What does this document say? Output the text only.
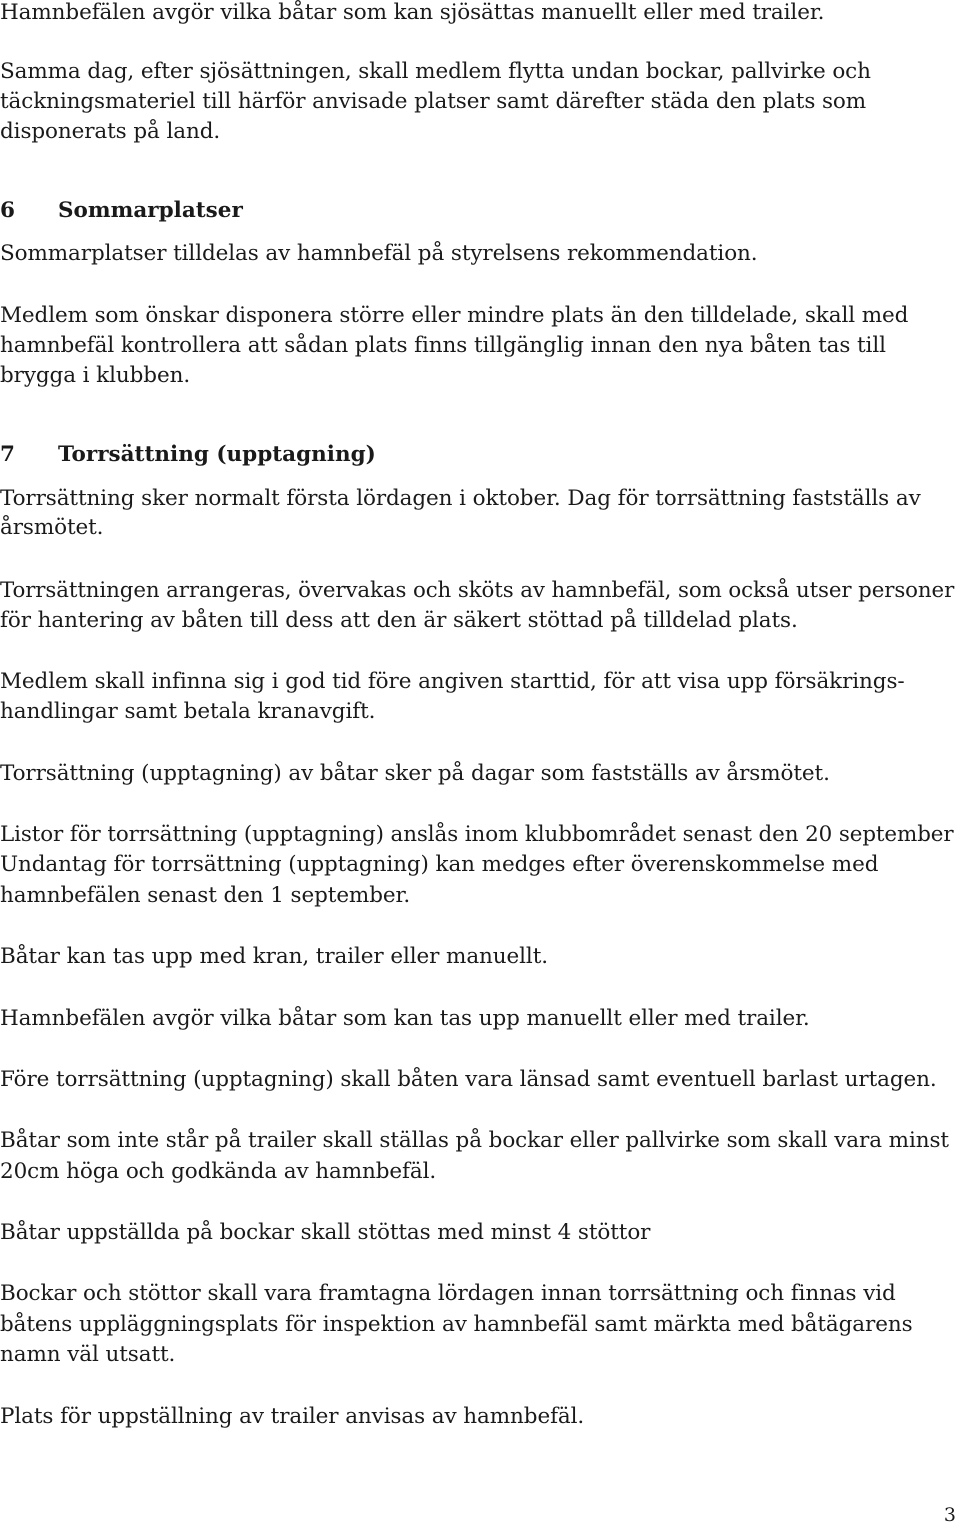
Hamnbefälen avgör vilka båtar som kan sjösättas manuellt eller med trailer.

Samma dag, efter sjösättningen, skall medlem flytta undan bockar, pallvirke och

täckningsmateriel till härför anvisade platser samt därefter städa den plats som

disponerats på land.

6 Sommarplatser

Sommarplatser tilldelas av hamnbefäl på styrelsens rekommendation.

Medlem som önskar disponera större eller mindre plats än den tilldelade, skall med

hamnbefäl kontrollera att sådan plats finns tillgänglig innan den nya båten tas till

brygga i klubben.

7 Torrsättning (upptagning)

Torrsättning sker normalt första lördagen i oktober. Dag för torrsättning fastställs av

årsmötet.

Torrsättningen arrangeras, övervakas och sköts av hamnbefäl, som också utser personer

för hantering av båten till dess att den är säkert stöttad på tilldelad plats.

Medlem skall infinna sig i god tid före angiven starttid, för att visa upp försäkrings-

handlingar samt betala kranavgift.

Torrsättning (upptagning) av båtar sker på dagar som fastställs av årsmötet.

Listor för torrsättning (upptagning) anslås inom klubbområdet senast den 20 september

Undantag för torrsättning (upptagning) kan medges efter överenskommelse med

hamnbefälen senast den 1 september.

Båtar kan tas upp med kran, trailer eller manuellt.

Hamnbefälen avgör vilka båtar som kan tas upp manuellt eller med trailer.

Före torrsättning (upptagning) skall båten vara länsad samt eventuell barlast urtagen.

Båtar som inte står på trailer skall ställas på bockar eller pallvirke som skall vara minst

20cm höga och godkända av hamnbefäl.

Båtar uppställda på bockar skall stöttas med minst 4 stöttor

Bockar och stöttor skall vara framtagna lördagen innan torrsättning och finnas vid

båtens uppläggningsplats för inspektion av hamnbefäl samt märkta med båtägarens

namn väl utsatt.

Plats för uppställning av trailer anvisas av hamnbefäl.

3
